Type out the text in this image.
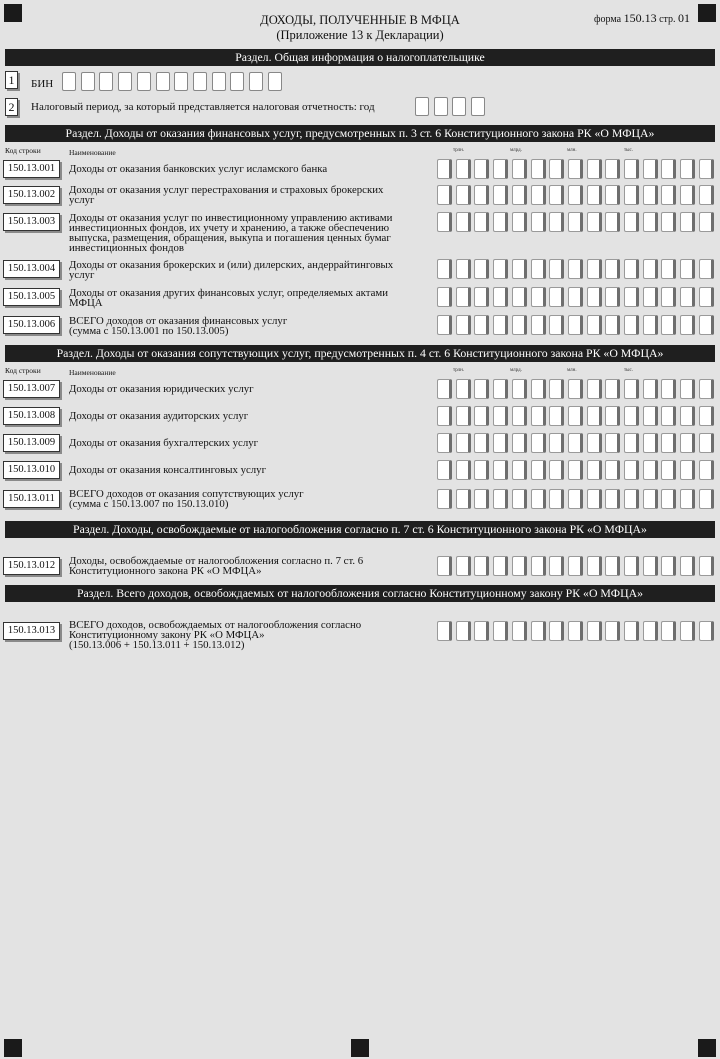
ДОХОДЫ, ПОЛУЧЕННЫЕ В МФЦА
(Приложение 13 к Декларации)
форма 150.13 стр. 01
Раздел. Общая информация о налогоплательщике
1	БИН
2	Налоговый период, за который представляется налоговая отчетность: год
Раздел. Доходы от оказания финансовых услуг, предусмотренных п. 3 ст. 6 Конституционного закона РК «О МФЦА»
Код строки	Наименование	трлн.	млрд.	млн.	тыс.
150.13.001	Доходы от оказания банковских услуг исламского банка
150.13.002	Доходы от оказания услуг перестрахования и страховых брокерских
услуг
150.13.003	Доходы от оказания услуг по инвестиционному управлению активами
инвестиционных фондов, их учету и хранению, а также обеспечению
выпуска, размещения, обращения, выкупа и погашения ценных бумаг
инвестиционных фондов
150.13.004	Доходы от оказания брокерских и (или) дилерских, андеррайтинговых
услуг
150.13.005	Доходы от оказания других финансовых услуг, определяемых актами
МФЦА
150.13.006	ВСЕГО доходов от оказания финансовых услуг
(сумма с 150.13.001 по 150.13.005)
Раздел. Доходы от оказания сопутствующих услуг, предусмотренных п. 4 ст. 6 Конституционного закона РК «О МФЦА»
Код строки	Наименование	трлн.	млрд.	млн.	тыс.
150.13.007	Доходы от оказания юридических услуг
150.13.008	Доходы от оказания аудиторских услуг
150.13.009	Доходы от оказания бухгалтерских услуг
150.13.010	Доходы от оказания консалтинговых услуг
150.13.011	ВСЕГО доходов от оказания сопутствующих услуг
(сумма с 150.13.007 по 150.13.010)
Раздел. Доходы, освобождаемые от налогообложения согласно п. 7 ст. 6 Конституционного закона РК «О МФЦА»
150.13.012	Доходы, освобождаемые от налогообложения согласно п. 7 ст. 6
Конституционного закона РК «О МФЦА»
Раздел. Всего доходов, освобождаемых от налогообложения согласно Конституционному закону РК «О МФЦА»
150.13.013	ВСЕГО доходов, освобождаемых от налогообложения согласно
Конституционному закону РК «О МФЦА»
(150.13.006 + 150.13.011 + 150.13.012)
